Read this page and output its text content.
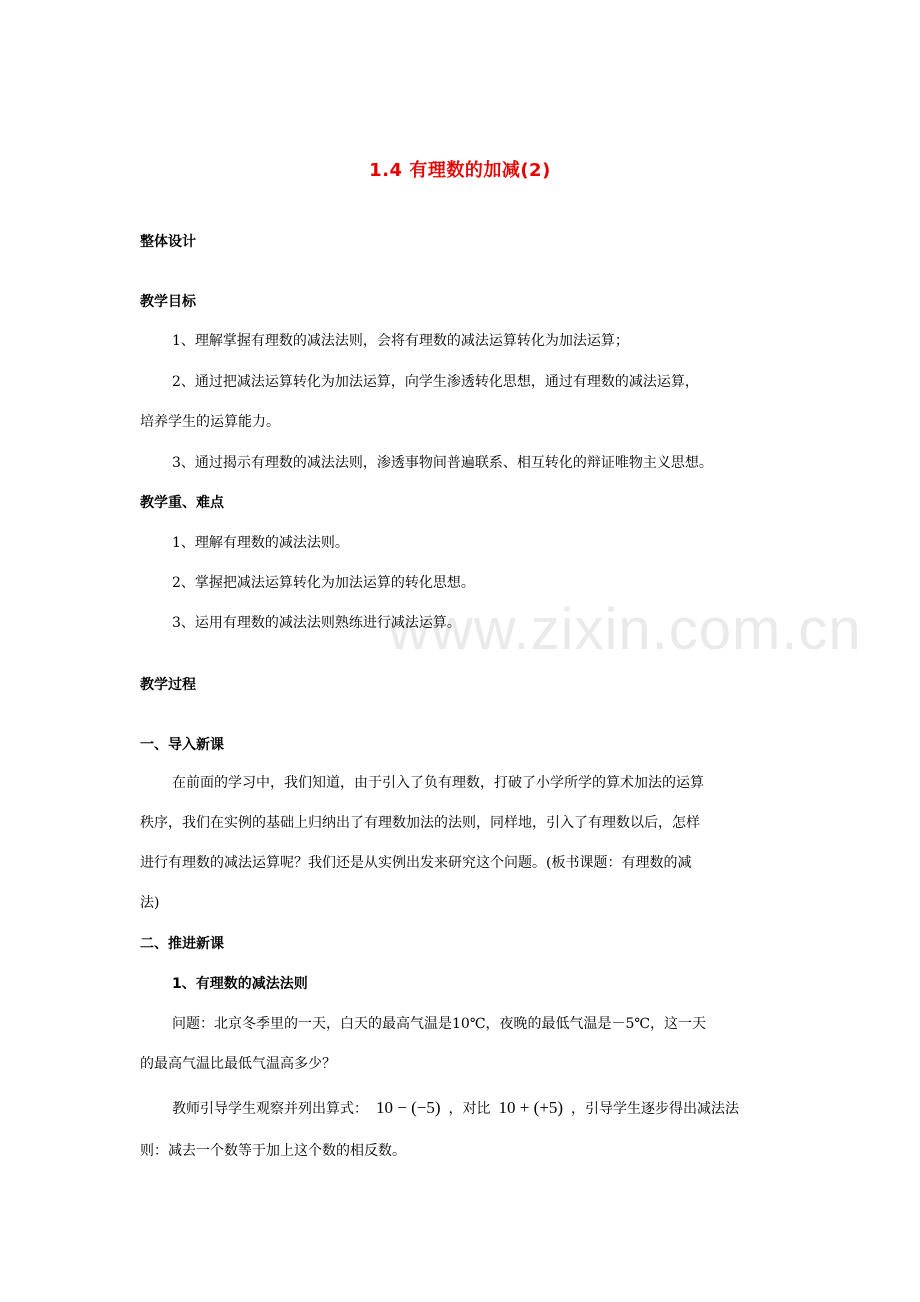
www.zixin.com.cn
1.4 有理数的加减(2)
整体设计
教学目标
1、理解掌握有理数的减法法则，会将有理数的减法运算转化为加法运算；
2、通过把减法运算转化为加法运算，向学生渗透转化思想，通过有理数的减法运算，
培养学生的运算能力。
3、通过揭示有理数的减法法则，渗透事物间普遍联系、相互转化的辩证唯物主义思想。
教学重、难点
1、理解有理数的减法法则。
2、掌握把减法运算转化为加法运算的转化思想。
3、运用有理数的减法法则熟练进行减法运算。
教学过程
一、导入新课
在前面的学习中，我们知道，由于引入了负有理数，打破了小学所学的算术加法的运算
秩序，我们在实例的基础上归纳出了有理数加法的法则，同样地，引入了有理数以后，怎样
进行有理数的减法运算呢？我们还是从实例出发来研究这个问题。(板书课题：有理数的减
法)
二、推进新课
1、有理数的减法法则
问题：北京冬季里的一天，白天的最高气温是10℃，夜晚的最低气温是－5℃，这一天
的最高气温比最低气温高多少？
教师引导学生观察并列出算式： 10 − (−5) ，对比 10 + (+5) ，引导学生逐步得出减法法
则：减去一个数等于加上这个数的相反数。
